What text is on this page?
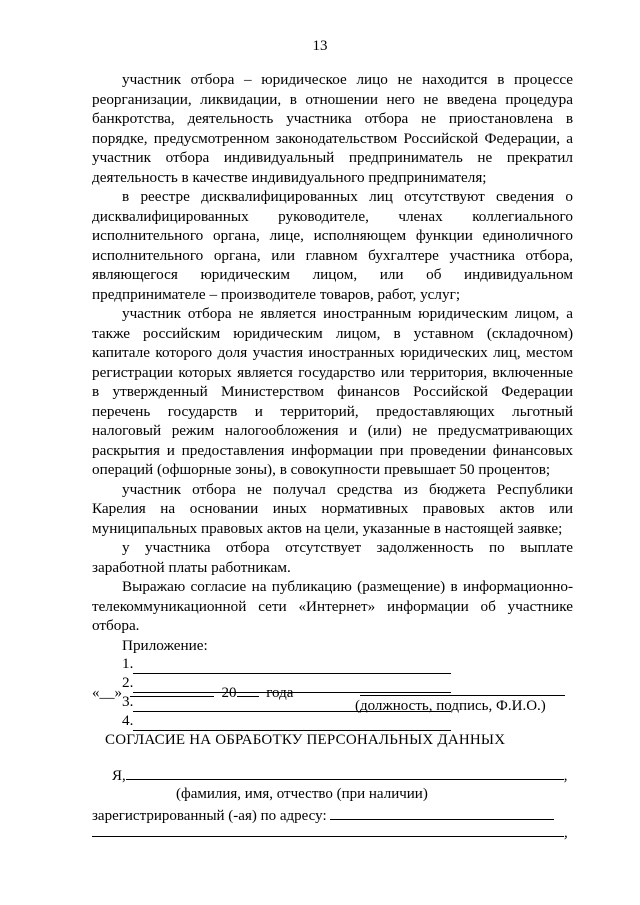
13

участник отбора – юридическое лицо не находится в процессе реорганизации, ликвидации, в отношении него не введена процедура банкротства, деятельность участника отбора не приостановлена в порядке, предусмотренном законодательством Российской Федерации, а участник отбора индивидуальный предприниматель не прекратил деятельность в качестве индивидуального предпринимателя;

в реестре дисквалифицированных лиц отсутствуют сведения о дисквалифицированных руководителе, членах коллегиального исполнительного органа, лице, исполняющем функции единоличного исполнительного органа, или главном бухгалтере участника отбора, являющегося юридическим лицом, или об индивидуальном предпринимателе – производителе товаров, работ, услуг;

участник отбора не является иностранным юридическим лицом, а также российским юридическим лицом, в уставном (складочном) капитале которого доля участия иностранных юридических лиц, местом регистрации которых является государство или территория, включенные в утвержденный Министерством финансов Российской Федерации перечень государств и территорий, предоставляющих льготный налоговый режим налогообложения и (или) не предусматривающих раскрытия и предоставления информации при проведении финансовых операций (офшорные зоны), в совокупности превышает 50 процентов;

участник отбора не получал средства из бюджета Республики Карелия на основании иных нормативных правовых актов или муниципальных правовых актов на цели, указанные в настоящей заявке;

у участника отбора отсутствует задолженность по выплате заработной платы работникам.

Выражаю согласие на публикацию (размещение) в информационно-телекоммуникационной сети «Интернет» информации об участнике отбора.

Приложение:

1.
2.
3.
4.
«__»	20 года
(должность, подпись, Ф.И.О.)
СОГЛАСИЕ НА ОБРАБОТКУ ПЕРСОНАЛЬНЫХ ДАННЫХ
Я,	,
(фамилия, имя, отчество (при наличии)
зарегистрированный (-ая) по адресу:
,
